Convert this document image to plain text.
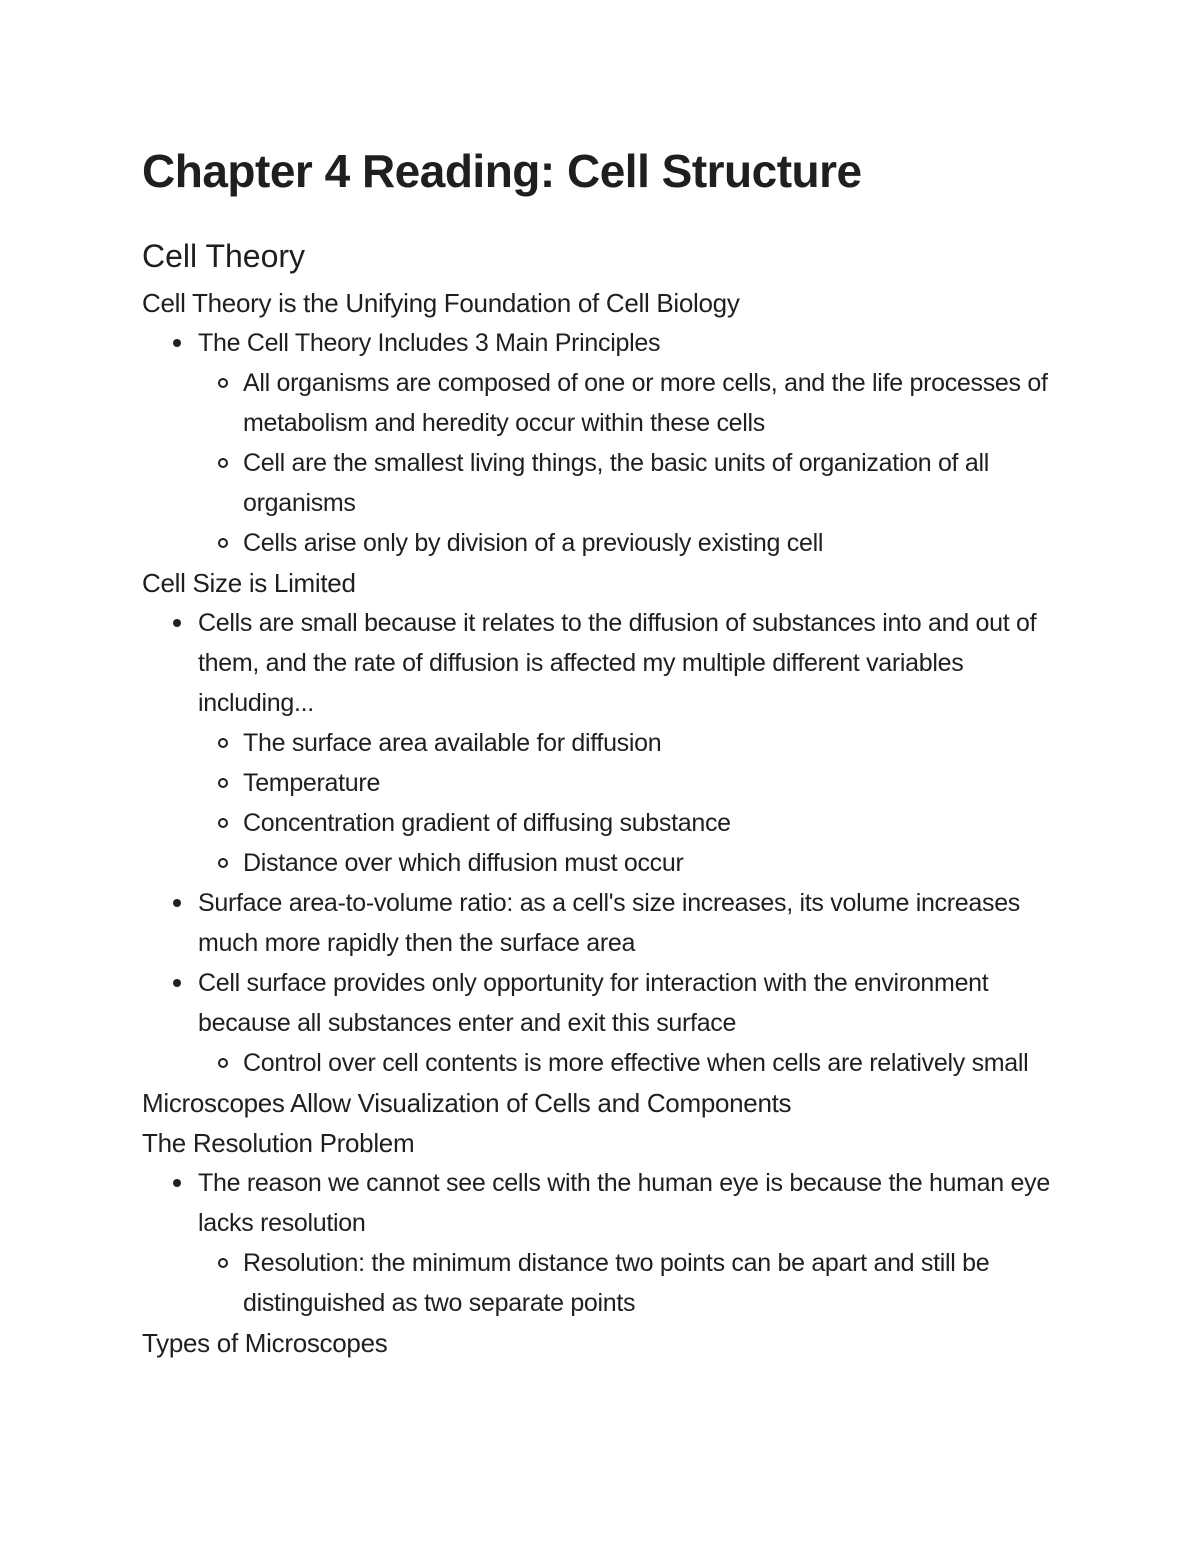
Chapter 4 Reading: Cell Structure
Cell Theory
Cell Theory is the Unifying Foundation of Cell Biology
The Cell Theory Includes 3 Main Principles
All organisms are composed of one or more cells, and the life processes of metabolism and heredity occur within these cells
Cell are the smallest living things, the basic units of organization of all organisms
Cells arise only by division of a previously existing cell
Cell Size is Limited
Cells are small because it relates to the diffusion of substances into and out of them, and the rate of diffusion is affected my multiple different variables including...
The surface area available for diffusion
Temperature
Concentration gradient of diffusing substance
Distance over which diffusion must occur
Surface area-to-volume ratio: as a cell's size increases, its volume increases much more rapidly then the surface area
Cell surface provides only opportunity for interaction with the environment because all substances enter and exit this surface
Control over cell contents is more effective when cells are relatively small
Microscopes Allow Visualization of Cells and Components
The Resolution Problem
The reason we cannot see cells with the human eye is because the human eye lacks resolution
Resolution: the minimum distance two points can be apart and still be distinguished as two separate points
Types of Microscopes
